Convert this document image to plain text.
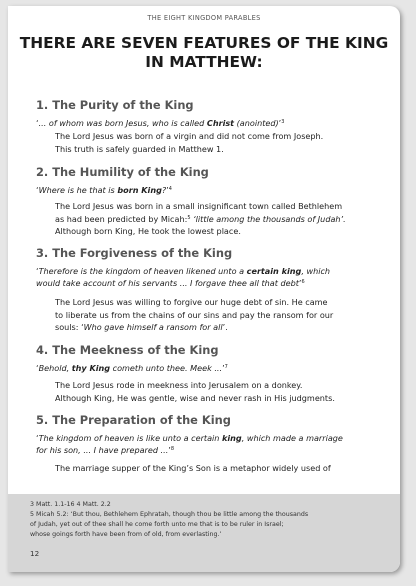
THE EIGHT KINGDOM PARABLES
THERE ARE SEVEN FEATURES OF THE KING
IN MATTHEW:
1. The Purity of the King
‘... of whom was born Jesus, who is called Christ (anointed)’$^3$
The Lord Jesus was born of a virgin and did not come from Joseph.
This truth is safely guarded in Matthew 1.
2. The Humility of the King
‘Where is he that is born King?’$^4$
The Lord Jesus was born in a small insignificant town called Bethlehem
as had been predicted by Micah:$^5$ ‘little among the thousands of Judah’.
Although born King, He took the lowest place.
3. The Forgiveness of the King
‘Therefore is the kingdom of heaven likened unto a certain king, which
would take account of his servants ... I forgave thee all that debt’$^6$
The Lord Jesus was willing to forgive our huge debt of sin. He came
to liberate us from the chains of our sins and pay the ransom for our
souls: ‘Who gave himself a ransom for all’.
4. The Meekness of the King
‘Behold, thy King cometh unto thee. Meek ...’$^7$
The Lord Jesus rode in meekness into Jerusalem on a donkey.
Although King, He was gentle, wise and never rash in His judgments.
5. The Preparation of the King
‘The kingdom of heaven is like unto a certain king, which made a marriage
for his son, ... I have prepared ...’$^8$
The marriage supper of the King’s Son is a metaphor widely used of
3 Matt. 1.1-16 4 Matt. 2.2
5 Micah 5.2: ‘But thou, Bethlehem Ephratah, though thou be little among the thousands
of Judah, yet out of thee shall he come forth unto me that is to be ruler in Israel;
whose goings forth have been from of old, from everlasting.’
12
